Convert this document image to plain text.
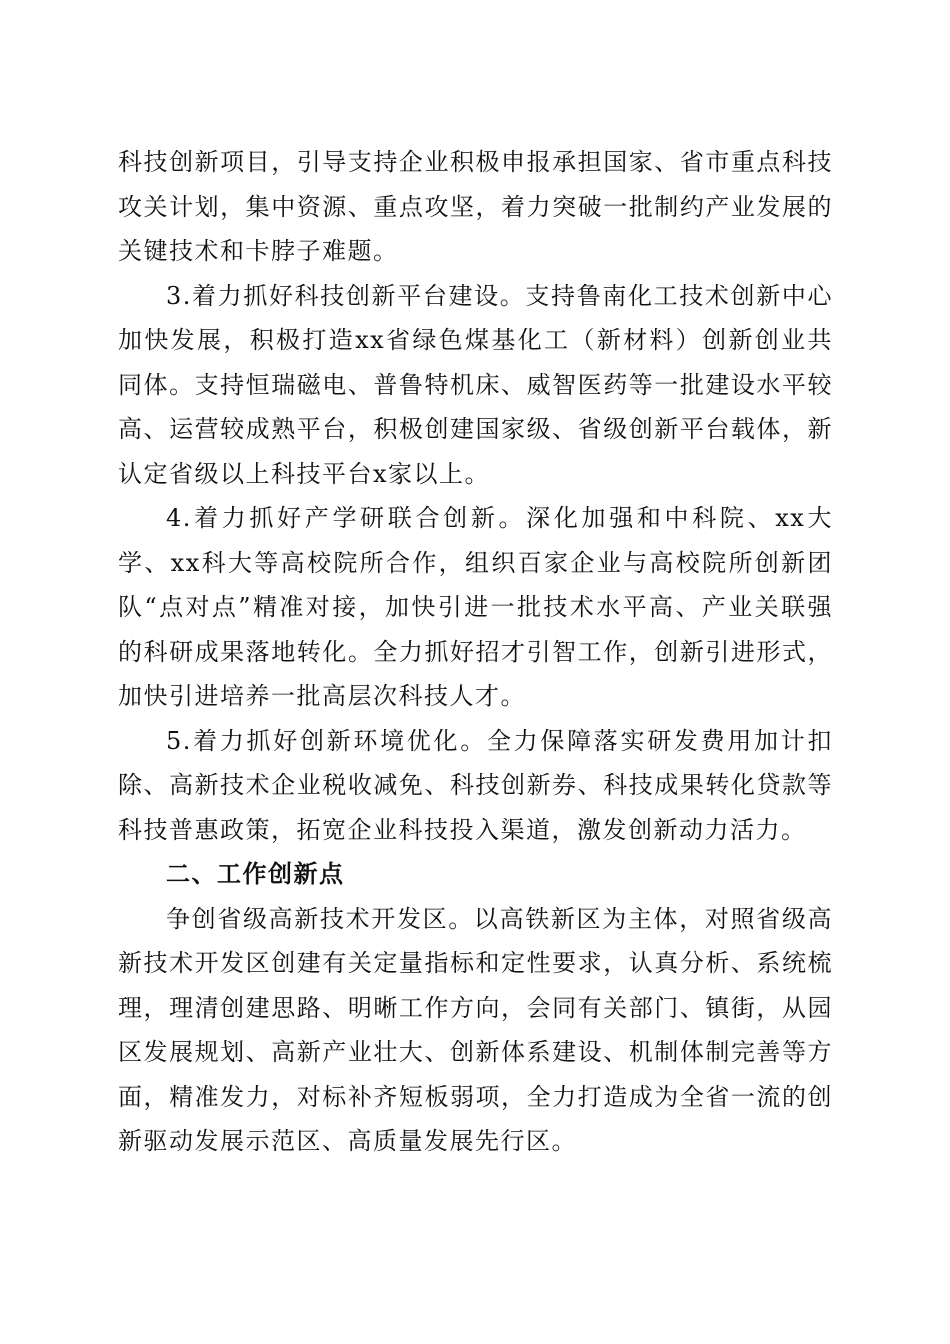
科技创新项目，引导支持企业积极申报承担国家、省市重点科技攻关计划，集中资源、重点攻坚，着力突破一批制约产业发展的关键技术和卡脖子难题。

3.着力抓好科技创新平台建设。支持鲁南化工技术创新中心加快发展，积极打造xx省绿色煤基化工（新材料）创新创业共同体。支持恒瑞磁电、普鲁特机床、威智医药等一批建设水平较高、运营较成熟平台，积极创建国家级、省级创新平台载体，新认定省级以上科技平台x家以上。

4.着力抓好产学研联合创新。深化加强和中科院、xx大学、xx科大等高校院所合作，组织百家企业与高校院所创新团队“点对点”精准对接，加快引进一批技术水平高、产业关联强的科研成果落地转化。全力抓好招才引智工作，创新引进形式，加快引进培养一批高层次科技人才。

5.着力抓好创新环境优化。全力保障落实研发费用加计扣除、高新技术企业税收减免、科技创新券、科技成果转化贷款等科技普惠政策，拓宽企业科技投入渠道，激发创新动力活力。

二、工作创新点

争创省级高新技术开发区。以高铁新区为主体，对照省级高新技术开发区创建有关定量指标和定性要求，认真分析、系统梳理，理清创建思路、明晰工作方向，会同有关部门、镇街，从园区发展规划、高新产业壮大、创新体系建设、机制体制完善等方面，精准发力，对标补齐短板弱项，全力打造成为全省一流的创新驱动发展示范区、高质量发展先行区。
